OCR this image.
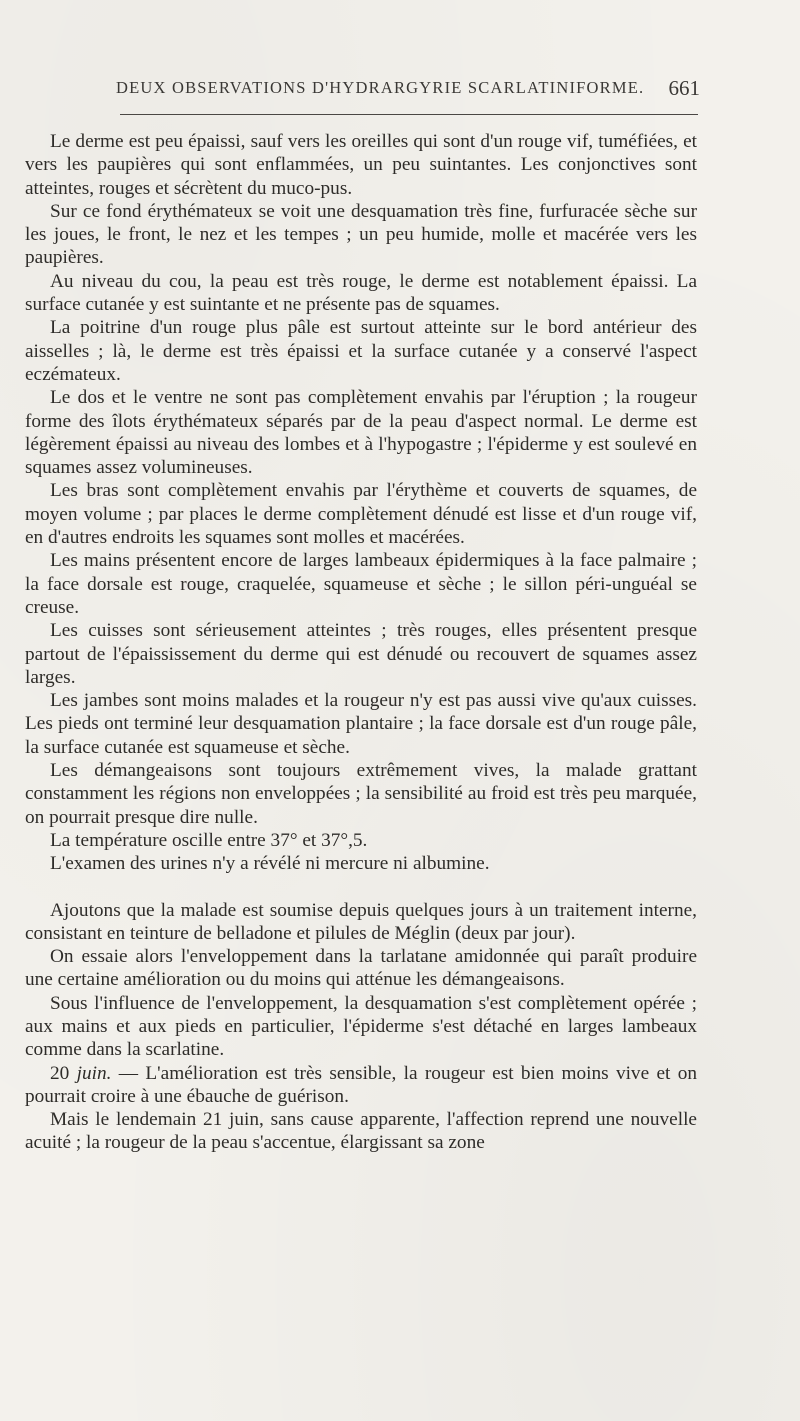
DEUX OBSERVATIONS D'HYDRARGYRIE SCARLATINIFORME. 661

Le derme est peu épaissi, sauf vers les oreilles qui sont d'un rouge vif, tuméfiées, et vers les paupières qui sont enflammées, un peu suintantes. Les conjonctives sont atteintes, rouges et sécrètent du muco-pus.

Sur ce fond érythémateux se voit une desquamation très fine, furfuracée sèche sur les joues, le front, le nez et les tempes ; un peu humide, molle et macérée vers les paupières.

Au niveau du cou, la peau est très rouge, le derme est notablement épaissi. La surface cutanée y est suintante et ne présente pas de squames.

La poitrine d'un rouge plus pâle est surtout atteinte sur le bord antérieur des aisselles ; là, le derme est très épaissi et la surface cutanée y a conservé l'aspect eczémateux.

Le dos et le ventre ne sont pas complètement envahis par l'éruption ; la rougeur forme des îlots érythémateux séparés par de la peau d'aspect normal. Le derme est légèrement épaissi au niveau des lombes et à l'hypogastre ; l'épiderme y est soulevé en squames assez volumineuses.

Les bras sont complètement envahis par l'érythème et couverts de squames, de moyen volume ; par places le derme complètement dénudé est lisse et d'un rouge vif, en d'autres endroits les squames sont molles et macérées.

Les mains présentent encore de larges lambeaux épidermiques à la face palmaire ; la face dorsale est rouge, craquelée, squameuse et sèche ; le sillon péri-unguéal se creuse.

Les cuisses sont sérieusement atteintes ; très rouges, elles présentent presque partout de l'épaississement du derme qui est dénudé ou recouvert de squames assez larges.

Les jambes sont moins malades et la rougeur n'y est pas aussi vive qu'aux cuisses. Les pieds ont terminé leur desquamation plantaire ; la face dorsale est d'un rouge pâle, la surface cutanée est squameuse et sèche.

Les démangeaisons sont toujours extrêmement vives, la malade grattant constamment les régions non enveloppées ; la sensibilité au froid est très peu marquée, on pourrait presque dire nulle.

La température oscille entre 37° et 37°,5.

L'examen des urines n'y a révélé ni mercure ni albumine.

Ajoutons que la malade est soumise depuis quelques jours à un traitement interne, consistant en teinture de belladone et pilules de Méglin (deux par jour).

On essaie alors l'enveloppement dans la tarlatane amidonnée qui paraît produire une certaine amélioration ou du moins qui atténue les démangeaisons.

Sous l'influence de l'enveloppement, la desquamation s'est complètement opérée ; aux mains et aux pieds en particulier, l'épiderme s'est détaché en larges lambeaux comme dans la scarlatine.

20 juin. — L'amélioration est très sensible, la rougeur est bien moins vive et on pourrait croire à une ébauche de guérison.

Mais le lendemain 21 juin, sans cause apparente, l'affection reprend une nouvelle acuité ; la rougeur de la peau s'accentue, élargissant sa zone
